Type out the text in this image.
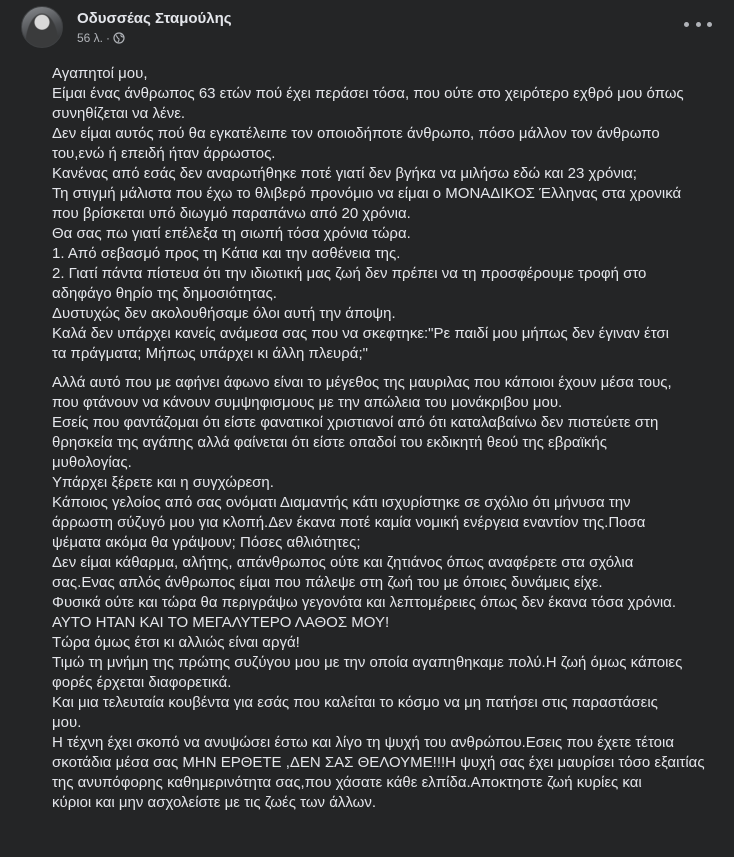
Οδυσσέας Σταμούλης
56 λ. ·
Αγαπητοί μου,
Είμαι ένας άνθρωπος 63 ετών πού έχει περάσει τόσα, που ούτε στο χειρότερο εχθρό μου όπως
συνηθίζεται να λένε.
Δεν είμαι αυτός πού θα εγκατέλειπε τον οποιοδήποτε άνθρωπο, πόσο μάλλον τον άνθρωπο
του,ενώ ή επειδή ήταν άρρωστος.
Κανένας από εσάς δεν αναρωτήθηκε ποτέ γιατί δεν βγήκα να μιλήσω εδώ και 23 χρόνια;
Τη στιγμή μάλιστα που έχω το θλιβερό προνόμιο να είμαι ο ΜΟΝΑΔΙΚΟΣ Έλληνας στα χρονικά
που βρίσκεται υπό διωγμό παραπάνω από 20 χρόνια.
Θα σας πω γιατί επέλεξα τη σιωπή τόσα χρόνια τώρα.
1. Από σεβασμό προς τη Κάτια και την ασθένεια της.
2. Γιατί πάντα πίστευα ότι την ιδιωτική μας ζωή δεν πρέπει να τη προσφέρουμε τροφή στο
αδηφάγο θηρίο της δημοσιότητας.
Δυστυχώς δεν ακολουθήσαμε όλοι αυτή την άποψη.
Καλά δεν υπάρχει κανείς ανάμεσα σας που να σκεφτηκε:"Ρε παιδί μου μήπως δεν έγιναν έτσι
τα πράγματα; Μήπως υπάρχει κι άλλη πλευρά;"
Αλλά αυτό που με αφήνει άφωνο είναι το μέγεθος της μαυριλας που κάποιοι έχουν μέσα τους,
που φτάνουν να κάνουν συμψηφισμους με την απώλεια του μονάκριβου μου.
Εσείς που φαντάζομαι ότι είστε φανατικοί χριστιανοί από ότι καταλαβαίνω δεν πιστεύετε στη
θρησκεία της αγάπης αλλά φαίνεται ότι είστε οπαδοί του εκδικητή θεού της εβραϊκής
μυθολογίας.
Υπάρχει ξέρετε και η συγχώρεση.
Κάποιος γελοίος από σας ονόματι Διαμαντής κάτι ισχυρίστηκε σε σχόλιο ότι μήνυσα την
άρρωστη σύζυγό μου για κλοπή.Δεν έκανα ποτέ καμία νομική ενέργεια εναντίον της.Ποσα
ψέματα ακόμα θα γράψουν; Πόσες αθλιότητες;
Δεν είμαι κάθαρμα, αλήτης, απάνθρωπος ούτε και ζητιάνος όπως αναφέρετε στα σχόλια
σας.Ενας απλός άνθρωπος είμαι που πάλεψε στη ζωή του με όποιες δυνάμεις είχε.
Φυσικά ούτε και τώρα θα περιγράψω γεγονότα και λεπτομέρειες όπως δεν έκανα τόσα χρόνια.
ΑΥΤΟ ΗΤΑΝ ΚΑΙ ΤΟ ΜΕΓΑΛΥΤΕΡΟ ΛΑΘΟΣ ΜΟΥ!
Τώρα όμως έτσι κι αλλιώς είναι αργά!
Τιμώ τη μνήμη της πρώτης συζύγου μου με την οποία αγαπηθηκαμε πολύ.Η ζωή όμως κάποιες
φορές έρχεται διαφορετικά.
Και μια τελευταία κουβέντα για εσάς που καλείται το κόσμο να μη πατήσει στις παραστάσεις
μου.
Η τέχνη έχει σκοπό να ανυψώσει έστω και λίγο τη ψυχή του ανθρώπου.Εσεις που έχετε τέτοια
σκοτάδια μέσα σας ΜΗΝ ΕΡΘΕΤΕ ,ΔΕΝ ΣΑΣ ΘΕΛΟΥΜΕ!!!Η ψυχή σας έχει μαυρίσει τόσο εξαιτίας
της ανυπόφορης καθημερινότητα σας,που χάσατε κάθε ελπίδα.Αποκτηστε ζωή κυρίες και
κύριοι και μην ασχολείστε με τις ζωές των άλλων.
